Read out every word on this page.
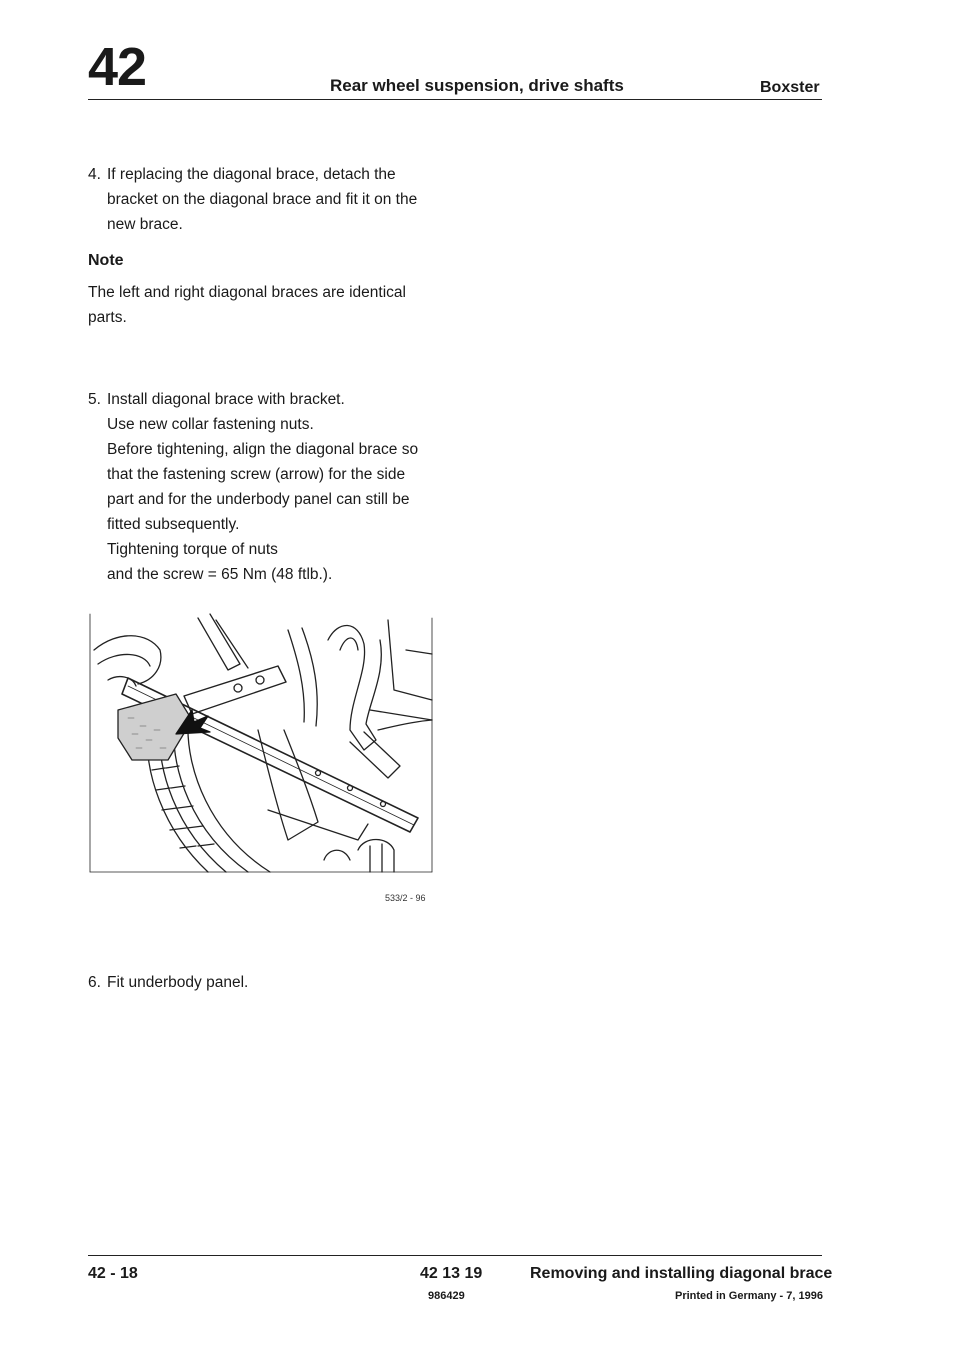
42	Rear wheel suspension, drive shafts	Boxster
4. If replacing the diagonal brace, detach the
bracket on the diagonal brace and fit it on the
new brace.
Note
The left and right diagonal braces are identical
parts.
5. Install diagonal brace with bracket.
Use new collar fastening nuts.
Before tightening, align the diagonal brace so
that the fastening screw (arrow) for the side
part and for the underbody panel can still be
fitted subsequently.
Tightening torque of nuts
and the screw = 65 Nm (48 ftlb.).
533/2 - 96
6. Fit underbody panel.
42 - 18	42 13 19	Removing and installing diagonal brace
986429	Printed in Germany - 7, 1996
